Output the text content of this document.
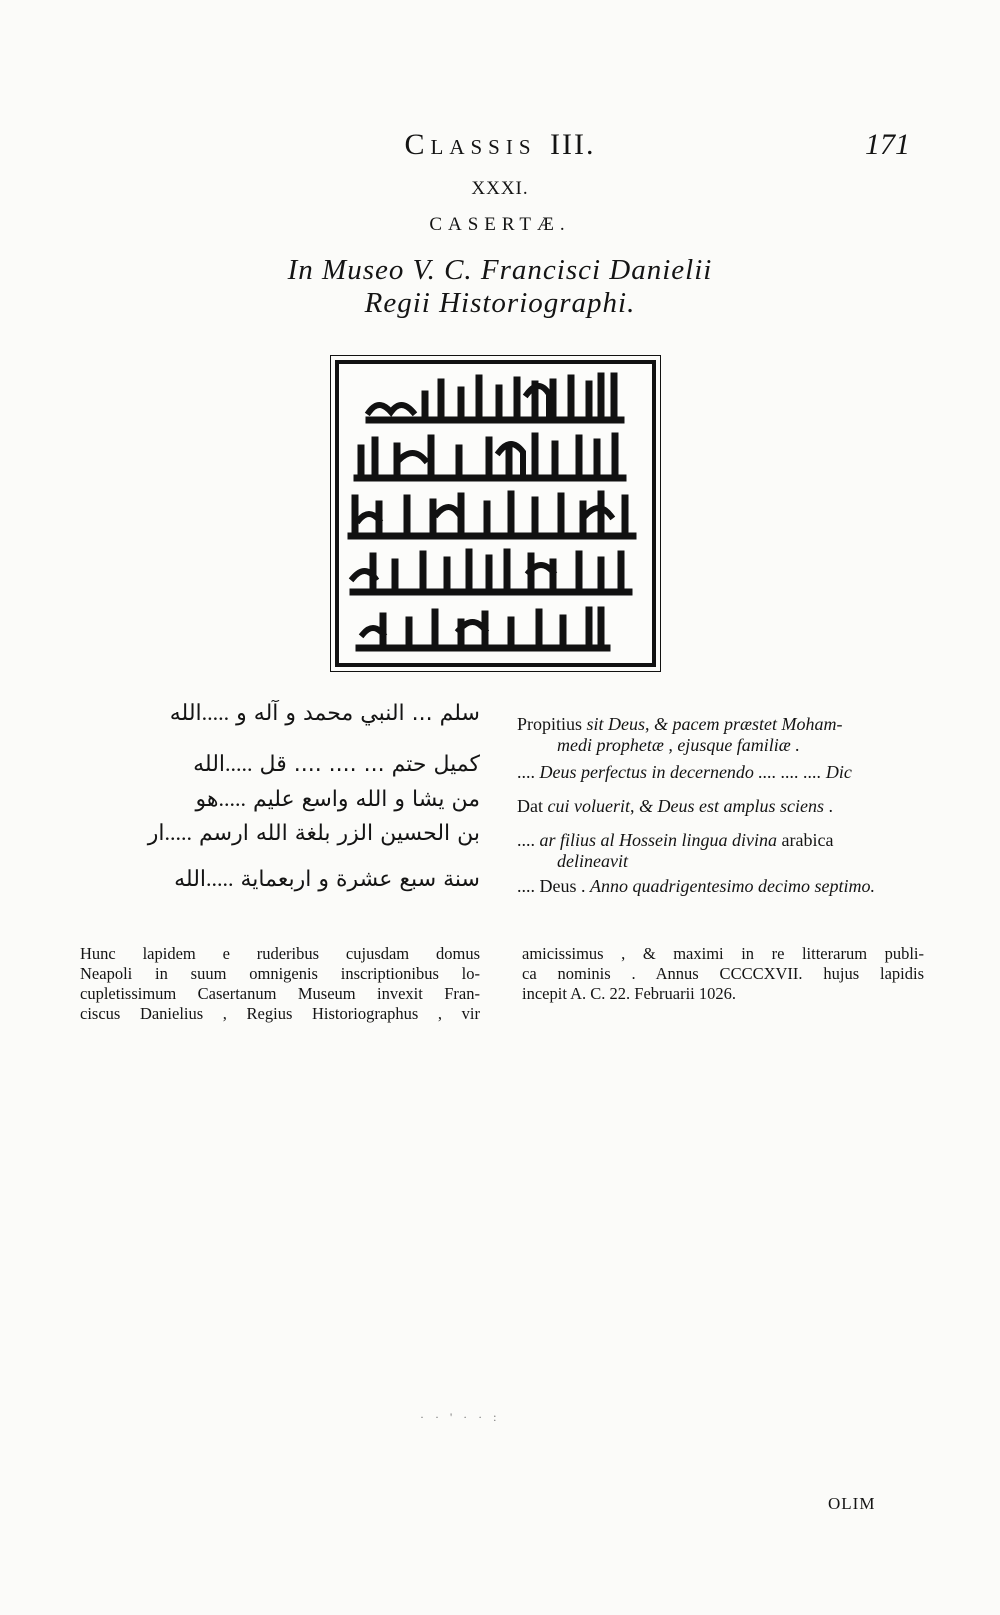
Classis III.	171
XXXI.
CASERTÆ.
In Museo V. C. Francisci Danielii
Regii Historiographi.
سلم ... النبي محمد و آله و .....الله
كميل حتم ... .... .... قل .....الله
من يشا و الله واسع عليم .....هو
بن الحسين الزر بلغة الله ارسم .....ار
سنة سبع عشرة و اربعماية .....الله
Propitius sit Deus, & pacem præstet Moham-
medi prophetæ , ejusque familiæ .
.... Deus perfectus in decernendo .... .... .... Dic
Dat cui voluerit, & Deus est amplus sciens .
.... ar filius al Hossein lingua divina arabica
delineavit
.... Deus . Anno quadrigentesimo decimo septimo.
Hunc lapidem e ruderibus cujusdam domus
Neapoli in suum omnigenis inscriptionibus lo-
cupletissimum Casertanum Museum invexit Fran-
ciscus Danielius , Regius Historiographus , vir
amicissimus , & maximi in re litterarum publi-
ca nominis . Annus CCCCXVII. hujus lapidis
incepit A. C. 22. Februarii 1026.
· · ' · · :
OLIM
